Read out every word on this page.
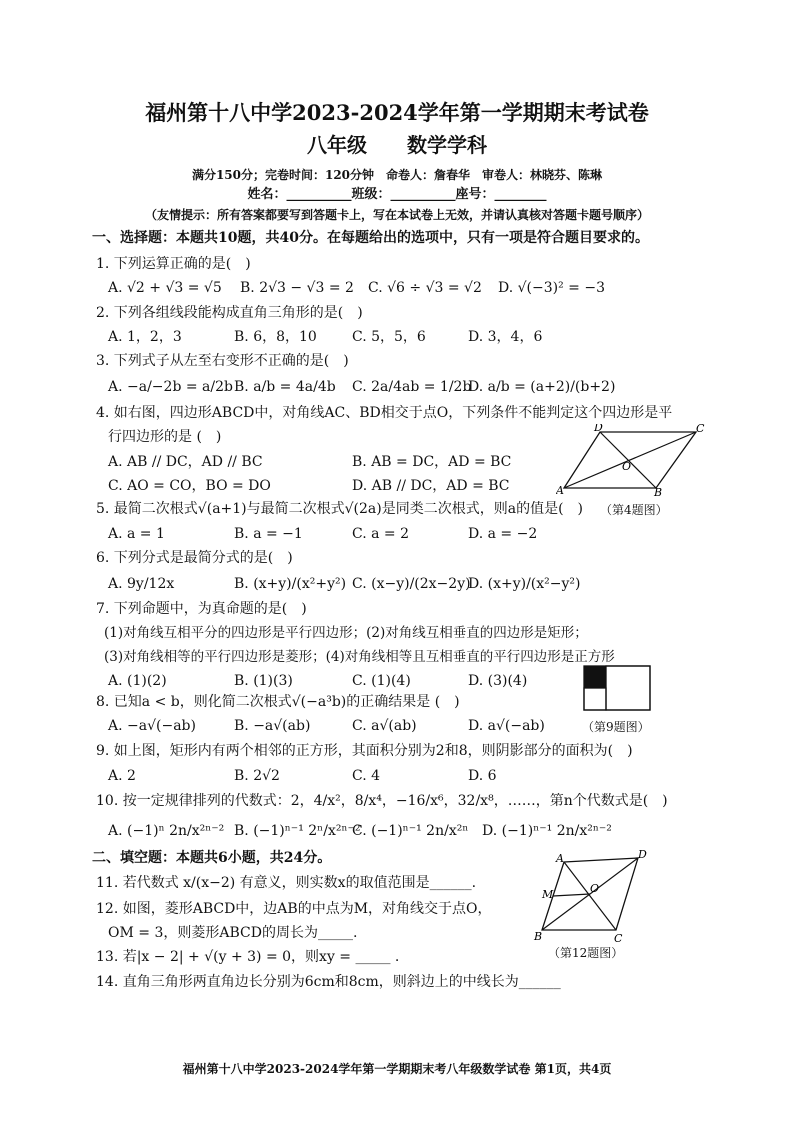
福州第十八中学2023-2024学年第一学期期末考试卷
八年级　　数学学科
满分150分；完卷时间：120分钟　命卷人：詹春华　审卷人：林晓芬、陈琳
姓名：__________班级：__________座号：________
（友情提示：所有答案都要写到答题卡上，写在本试卷上无效，并请认真核对答题卡题号顺序）
一、选择题：本题共10题，共40分。在每题给出的选项中，只有一项是符合题目要求的。
1. 下列运算正确的是(　)
A. √2 + √3 = √5 B. 2√3 − √3 = 2 C. √6 ÷ √3 = √2 D. √(−3)² = −3
2. 下列各组线段能构成直角三角形的是(　)
A. 1，2，3	B. 6，8，10	C. 5，5，6	D. 3，4，6
3. 下列式子从左至右变形不正确的是(　)
A. −a/−2b = a/2b B. a/b = 4a/4b C. 2a/4ab = 1/2b
D. a/b = (a+2)/(b+2)
4. 如右图，四边形ABCD中，对角线AC、BD相交于点O，下列条件不能判定这个四边形是平
行四边形的是 (　)
A. AB // DC，AD // BC	B. AB = DC，AD = BC
C. AO = CO，BO = DO	D. AB // DC，AD = BC	A	B
C
D
O
5. 最简二次根式√(a+1)与最简二次根式√(2a)是同类二次根式，则a的值是(　) （第4题图）
A. a = 1	B. a = −1	C. a = 2	D. a = −2
6. 下列分式是最简分式的是(　)
A. 9y/12x	B. (x+y)/(x²+y²) C. (x−y)/(2x−2y)
D. (x+y)/(x²−y²)
7. 下列命题中，为真命题的是(　)
(1)对角线互相平分的四边形是平行四边形；(2)对角线互相垂直的四边形是矩形；
(3)对角线相等的平行四边形是菱形；(4)对角线相等且互相垂直的平行四边形是正方形
A. (1)(2)	B. (1)(3)	C. (1)(4)	D. (3)(4)
8. 已知a < b，则化简二次根式√(−a³b)的正确结果是 (　)
A. −a√(−ab)	B. −a√(ab)	C. a√(ab)	D. a√(−ab)	（第9题图）
9. 如上图，矩形内有两个相邻的正方形，其面积分别为2和8，则阴影部分的面积为(　)
A. 2	B. 2√2	C. 4	D. 6
10. 按一定规律排列的代数式：2，4/x²，8/x⁴，−16/x⁶，32/x⁸，……，第n个代数式是(　)
A. (−1)ⁿ 2n/x²ⁿ⁻² B. (−1)ⁿ⁻¹ 2ⁿ/x²ⁿ⁻²
C. (−1)ⁿ⁻¹ 2n/x²ⁿ D. (−1)ⁿ⁻¹ 2n/x²ⁿ⁻²
二、填空题：本题共6小题，共24分。	A
B	C
D
M	O
（第12题图）
11. 若代数式 x/(x−2) 有意义，则实数x的取值范围是______.
12. 如图，菱形ABCD中，边AB的中点为M，对角线交于点O，
OM = 3，则菱形ABCD的周长为_____.
13. 若|x − 2| + √(y + 3) = 0，则xy = _____ .
14. 直角三角形两直角边长分别为6cm和8cm，则斜边上的中线长为______
福州第十八中学2023-2024学年第一学期期末考八年级数学试卷 第1页，共4页
